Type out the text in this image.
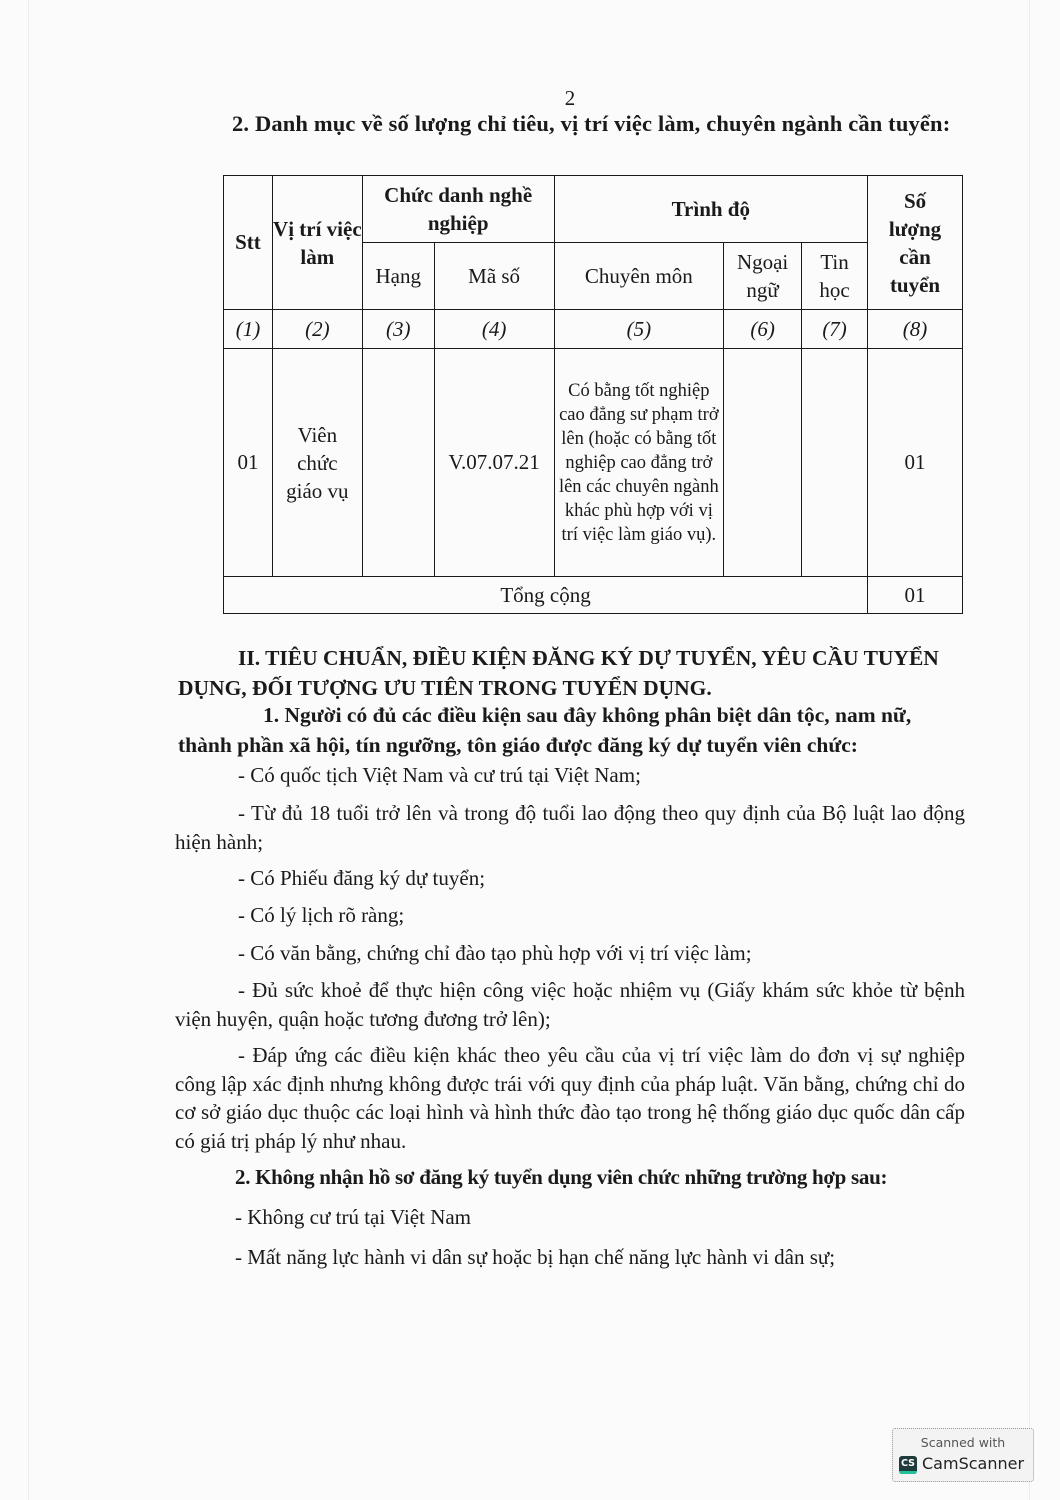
2
2. Danh mục về số lượng chỉ tiêu, vị trí việc làm, chuyên ngành cần tuyển:
Stt	Vị trí việc làm	Chức danh nghề nghiệp		Trình độ			Số lượng cần tuyển
		Hạng	Mã số	Chuyên môn	Ngoại ngữ	Tin học	
(1)	(2)	(3)	(4)	(5)	(6)	(7)	(8)
01	Viên chức giáo vụ		V.07.07.21	Có bằng tốt nghiệp cao đẳng sư phạm trở lên (hoặc có bằng tốt nghiệp cao đẳng trở lên các chuyên ngành khác phù hợp với vị trí việc làm giáo vụ).			01
Tổng cộng							01
II. TIÊU CHUẨN, ĐIỀU KIỆN ĐĂNG KÝ DỰ TUYỂN, YÊU CẦU TUYỂN DỤNG, ĐỐI TƯỢNG ƯU TIÊN TRONG TUYỂN DỤNG.
1. Người có đủ các điều kiện sau đây không phân biệt dân tộc, nam nữ, thành phần xã hội, tín ngưỡng, tôn giáo được đăng ký dự tuyển viên chức:
- Có quốc tịch Việt Nam và cư trú tại Việt Nam;
- Từ đủ 18 tuổi trở lên và trong độ tuổi lao động theo quy định của Bộ luật lao động hiện hành;
- Có Phiếu đăng ký dự tuyển;
- Có lý lịch rõ ràng;
- Có văn bằng, chứng chỉ đào tạo phù hợp với vị trí việc làm;
- Đủ sức khoẻ để thực hiện công việc hoặc nhiệm vụ (Giấy khám sức khỏe từ bệnh viện huyện, quận hoặc tương đương trở lên);
- Đáp ứng các điều kiện khác theo yêu cầu của vị trí việc làm do đơn vị sự nghiệp công lập xác định nhưng không được trái với quy định của pháp luật. Văn bằng, chứng chỉ do cơ sở giáo dục thuộc các loại hình và hình thức đào tạo trong hệ thống giáo dục quốc dân cấp có giá trị pháp lý như nhau.
2. Không nhận hồ sơ đăng ký tuyển dụng viên chức những trường hợp sau:
- Không cư trú tại Việt Nam
- Mất năng lực hành vi dân sự hoặc bị hạn chế năng lực hành vi dân sự;
Scanned with
CS CamScanner
